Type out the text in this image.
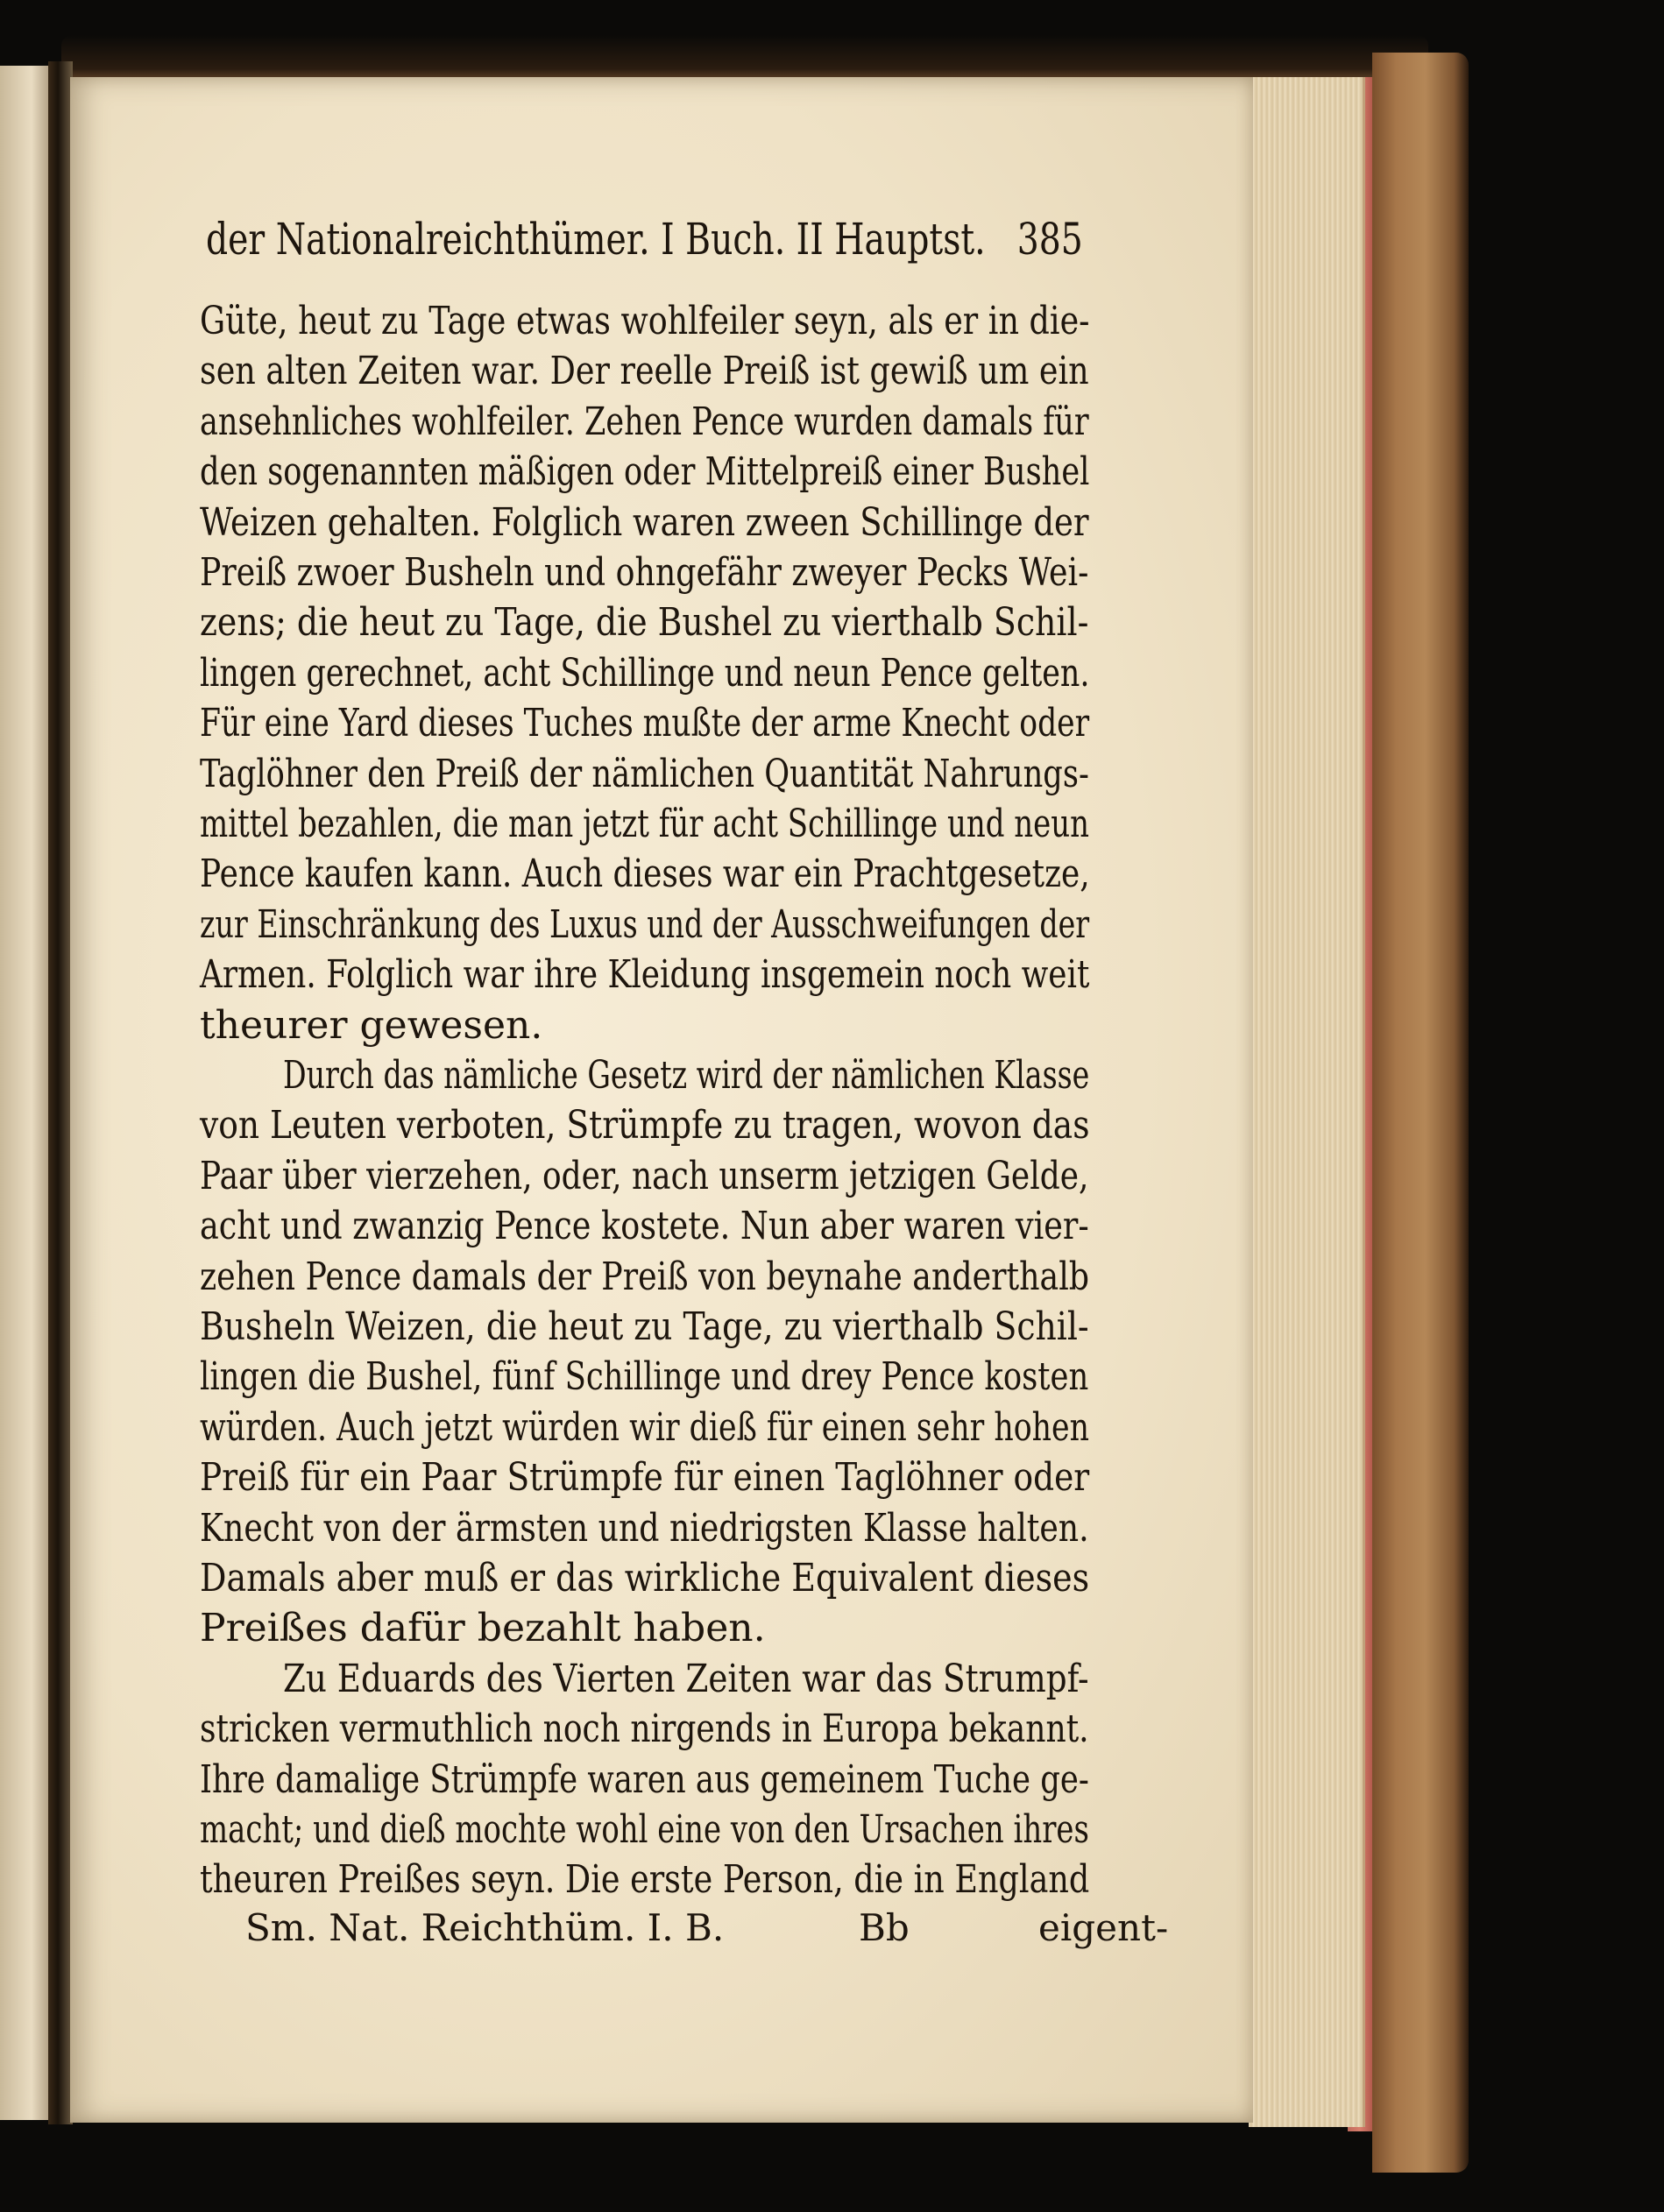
der Nationalreichthümer. I Buch. II Hauptst. 385
Güte, heut zu Tage etwas wohlfeiler seyn, als er in die-
sen alten Zeiten war. Der reelle Preiß ist gewiß um ein
ansehnliches wohlfeiler. Zehen Pence wurden damals für
den sogenannten mäßigen oder Mittelpreiß einer Bushel
Weizen gehalten. Folglich waren zween Schillinge der
Preiß zwoer Busheln und ohngefähr zweyer Pecks Wei-
zens; die heut zu Tage, die Bushel zu vierthalb Schil-
lingen gerechnet, acht Schillinge und neun Pence gelten.
Für eine Yard dieses Tuches mußte der arme Knecht oder
Taglöhner den Preiß der nämlichen Quantität Nahrungs-
mittel bezahlen, die man jetzt für acht Schillinge und neun
Pence kaufen kann. Auch dieses war ein Prachtgesetze,
zur Einschränkung des Luxus und der Ausschweifungen der
Armen. Folglich war ihre Kleidung insgemein noch weit
theurer gewesen.
Durch das nämliche Gesetz wird der nämlichen Klasse
von Leuten verboten, Strümpfe zu tragen, wovon das
Paar über vierzehen, oder, nach unserm jetzigen Gelde,
acht und zwanzig Pence kostete. Nun aber waren vier-
zehen Pence damals der Preiß von beynahe anderthalb
Busheln Weizen, die heut zu Tage, zu vierthalb Schil-
lingen die Bushel, fünf Schillinge und drey Pence kosten
würden. Auch jetzt würden wir dieß für einen sehr hohen
Preiß für ein Paar Strümpfe für einen Taglöhner oder
Knecht von der ärmsten und niedrigsten Klasse halten.
Damals aber muß er das wirkliche Equivalent dieses
Preißes dafür bezahlt haben.
Zu Eduards des Vierten Zeiten war das Strumpf-
stricken vermuthlich noch nirgends in Europa bekannt.
Ihre damalige Strümpfe waren aus gemeinem Tuche ge-
macht; und dieß mochte wohl eine von den Ursachen ihres
theuren Preißes seyn. Die erste Person, die in England
Sm. Nat. Reichthüm. I. B.	Bb	eigent-
